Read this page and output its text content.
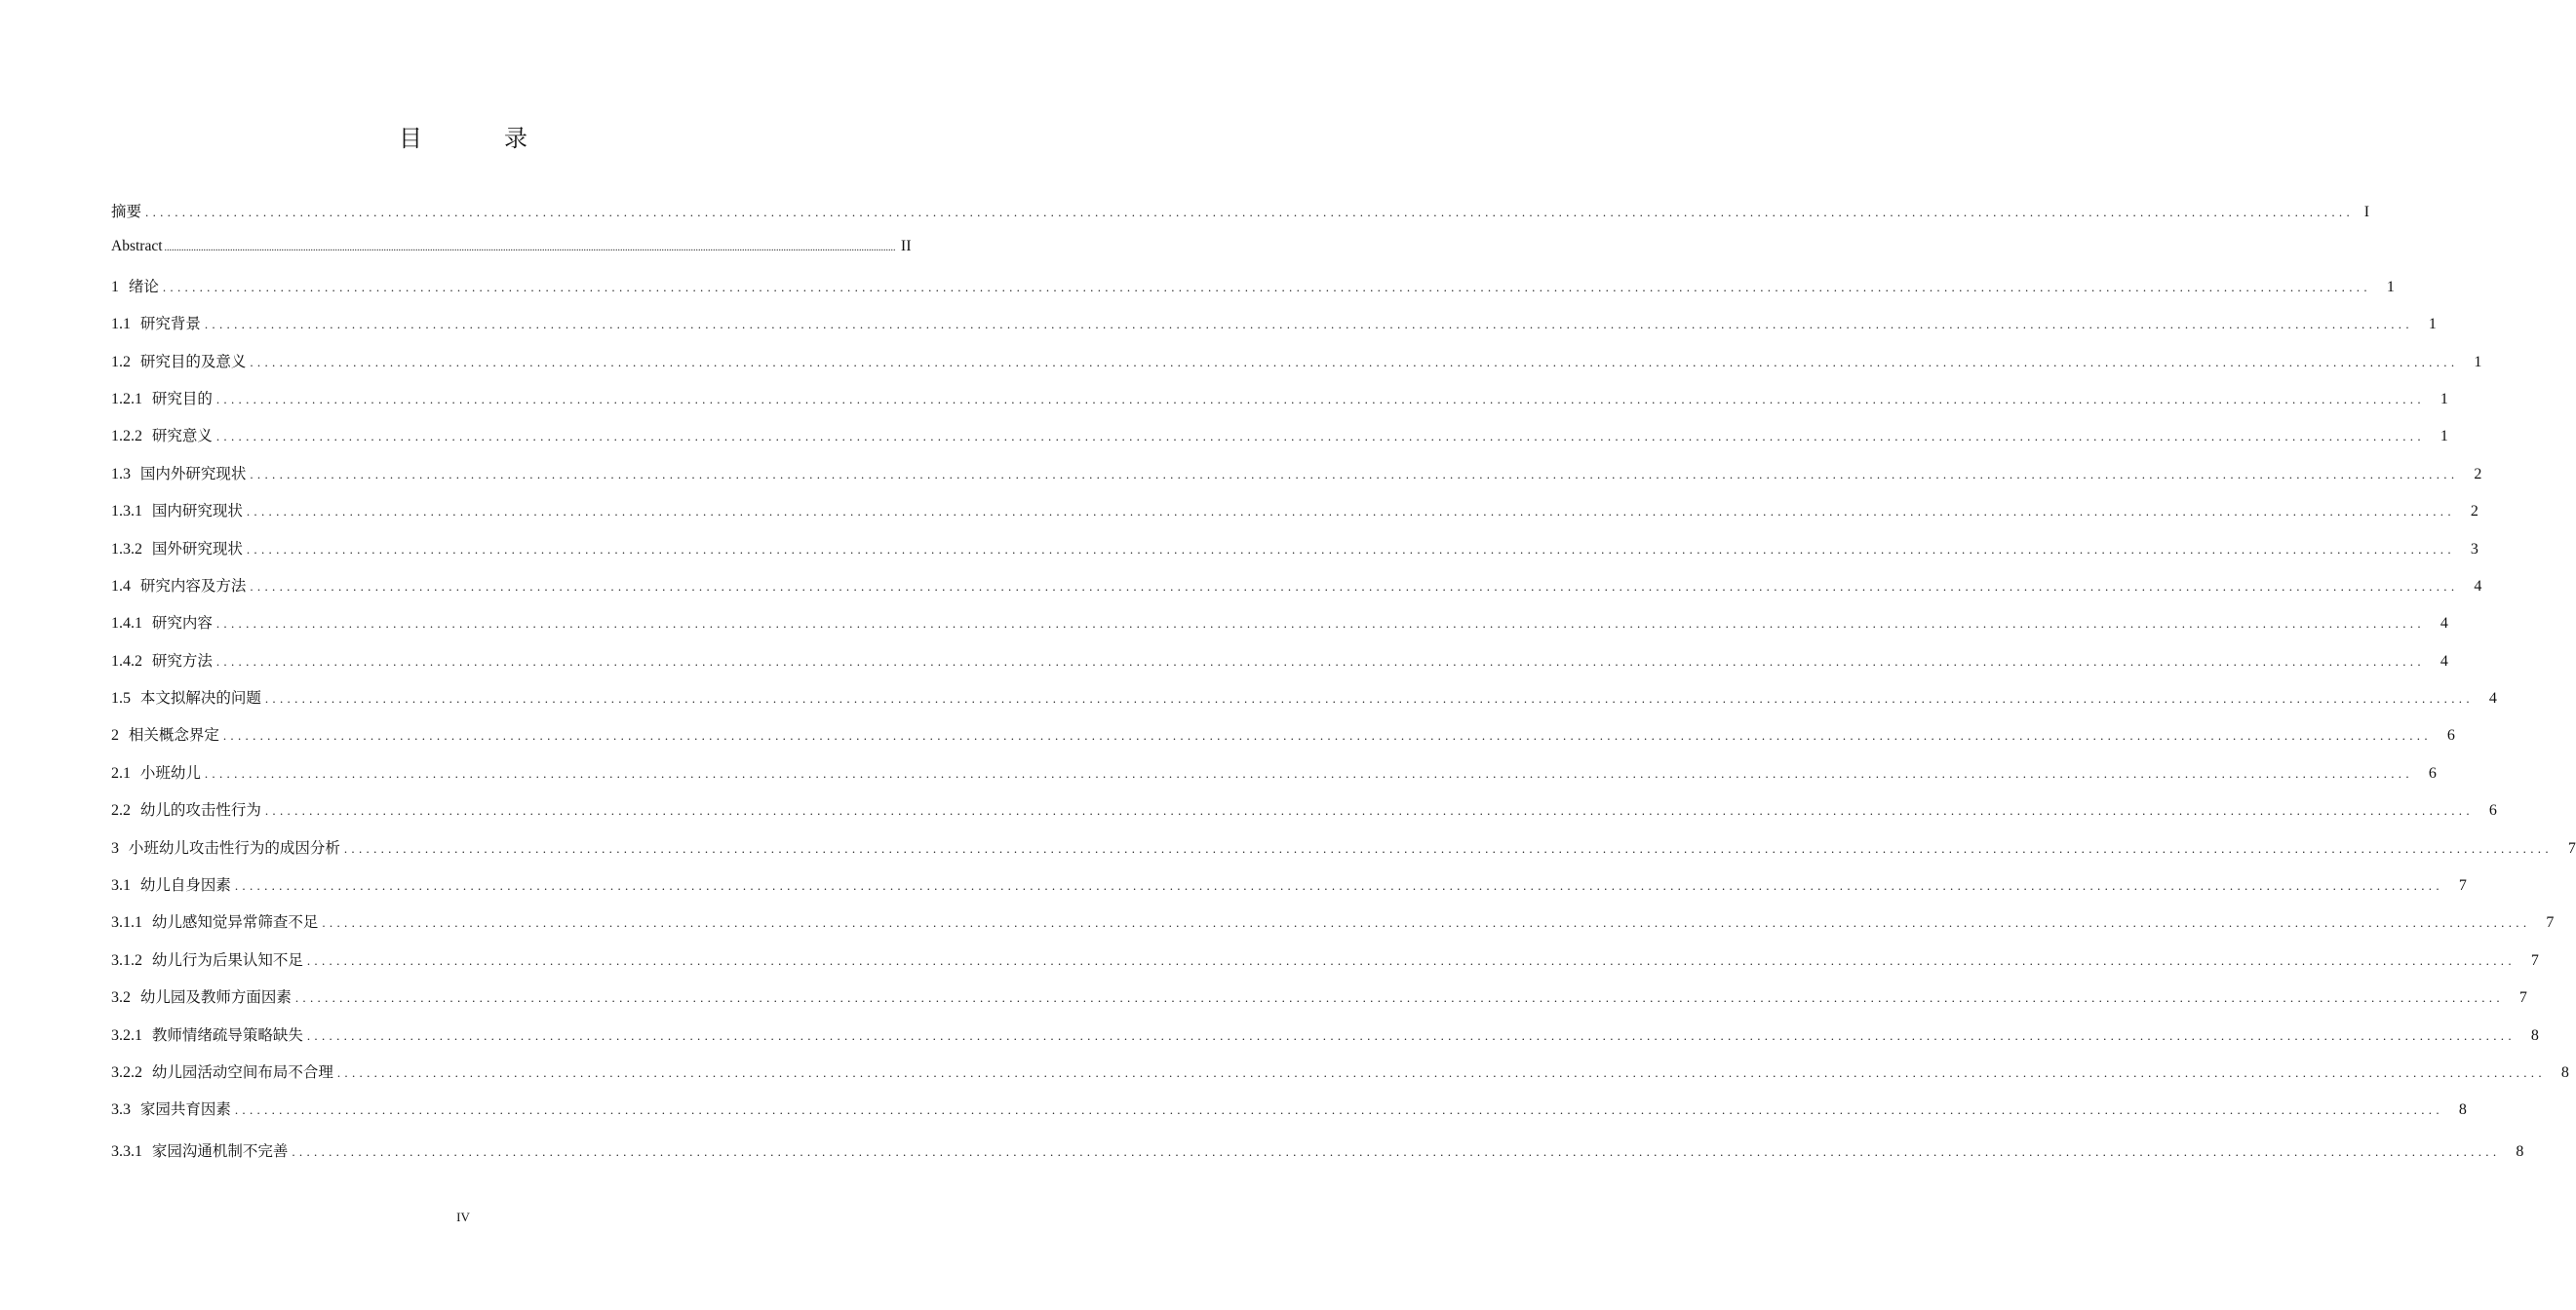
目　录
摘要 ............................................................................................................................................................................................................................................................................................................ I
Abstract ............................................................................................................................................................................................................................................................................................................ II
1 绪论 ............................................................................................................................................................................................................................................................................................................	1
1.1 研究背景 ............................................................................................................................................................................................................................................................................................................	1
1.2 研究目的及意义 ............................................................................................................................................................................................................................................................................................................	1
1.2.1 研究目的 ............................................................................................................................................................................................................................................................................................................	1
1.2.2 研究意义 ............................................................................................................................................................................................................................................................................................................	1
1.3 国内外研究现状 ............................................................................................................................................................................................................................................................................................................	2
1.3.1 国内研究现状 ............................................................................................................................................................................................................................................................................................................	2
1.3.2 国外研究现状 ............................................................................................................................................................................................................................................................................................................	3
1.4 研究内容及方法 ............................................................................................................................................................................................................................................................................................................	4
1.4.1 研究内容 ............................................................................................................................................................................................................................................................................................................	4
1.4.2 研究方法 ............................................................................................................................................................................................................................................................................................................	4
1.5 本文拟解决的问题 ............................................................................................................................................................................................................................................................................................................	4
2 相关概念界定 ............................................................................................................................................................................................................................................................................................................	6
2.1 小班幼儿 ............................................................................................................................................................................................................................................................................................................	6
2.2 幼儿的攻击性行为 ............................................................................................................................................................................................................................................................................................................	6
3 小班幼儿攻击性行为的成因分析 ............................................................................................................................................................................................................................................................................................................	7
3.1 幼儿自身因素 ............................................................................................................................................................................................................................................................................................................	7
3.1.1 幼儿感知觉异常筛查不足 ............................................................................................................................................................................................................................................................................................................	7
3.1.2 幼儿行为后果认知不足 ............................................................................................................................................................................................................................................................................................................	7
3.2 幼儿园及教师方面因素 ............................................................................................................................................................................................................................................................................................................	7
3.2.1 教师情绪疏导策略缺失 ............................................................................................................................................................................................................................................................................................................	8
3.2.2 幼儿园活动空间布局不合理 ............................................................................................................................................................................................................................................................................................................	8
3.3 家园共育因素 ............................................................................................................................................................................................................................................................................................................	8
3.3.1 家园沟通机制不完善 ............................................................................................................................................................................................................................................................................................................	8
IV
